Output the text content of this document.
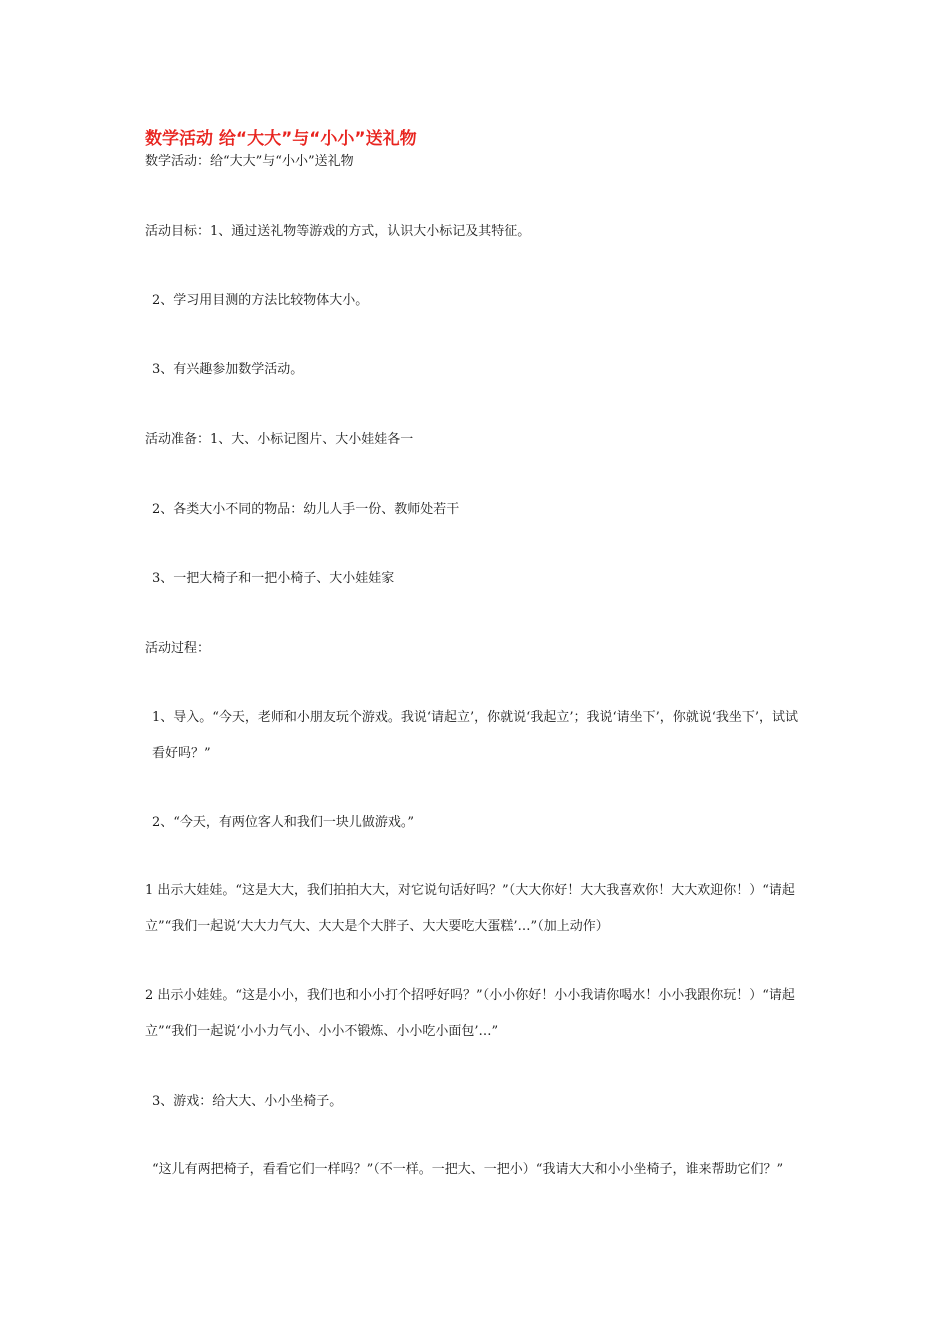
数学活动 给“大大”与“小小”送礼物
数学活动：给“大大”与“小小”送礼物
活动目标：1、通过送礼物等游戏的方式，认识大小标记及其特征。
2、学习用目测的方法比较物体大小。
3、有兴趣参加数学活动。
活动准备：1、大、小标记图片、大小娃娃各一
2、各类大小不同的物品：幼儿人手一份、教师处若干
3、一把大椅子和一把小椅子、大小娃娃家
活动过程：
1、导入。“今天，老师和小朋友玩个游戏。我说‘请起立’，你就说‘我起立’；我说‘请坐下’，你就说‘我坐下’，试试看好吗？”
2、“今天，有两位客人和我们一块儿做游戏。”
1 出示大娃娃。“这是大大，我们拍拍大大，对它说句话好吗？”（大大你好！大大我喜欢你！大大欢迎你！）“请起立”“我们一起说‘大大力气大、大大是个大胖子、大大要吃大蛋糕’…”（加上动作）
2 出示小娃娃。“这是小小，我们也和小小打个招呼好吗？”（小小你好！小小我请你喝水！小小我跟你玩！）“请起立”“我们一起说‘小小力气小、小小不锻炼、小小吃小面包’…”
3、游戏：给大大、小小坐椅子。
“这儿有两把椅子，看看它们一样吗？”（不一样。一把大、一把小）“我请大大和小小坐椅子，谁来帮助它们？”
